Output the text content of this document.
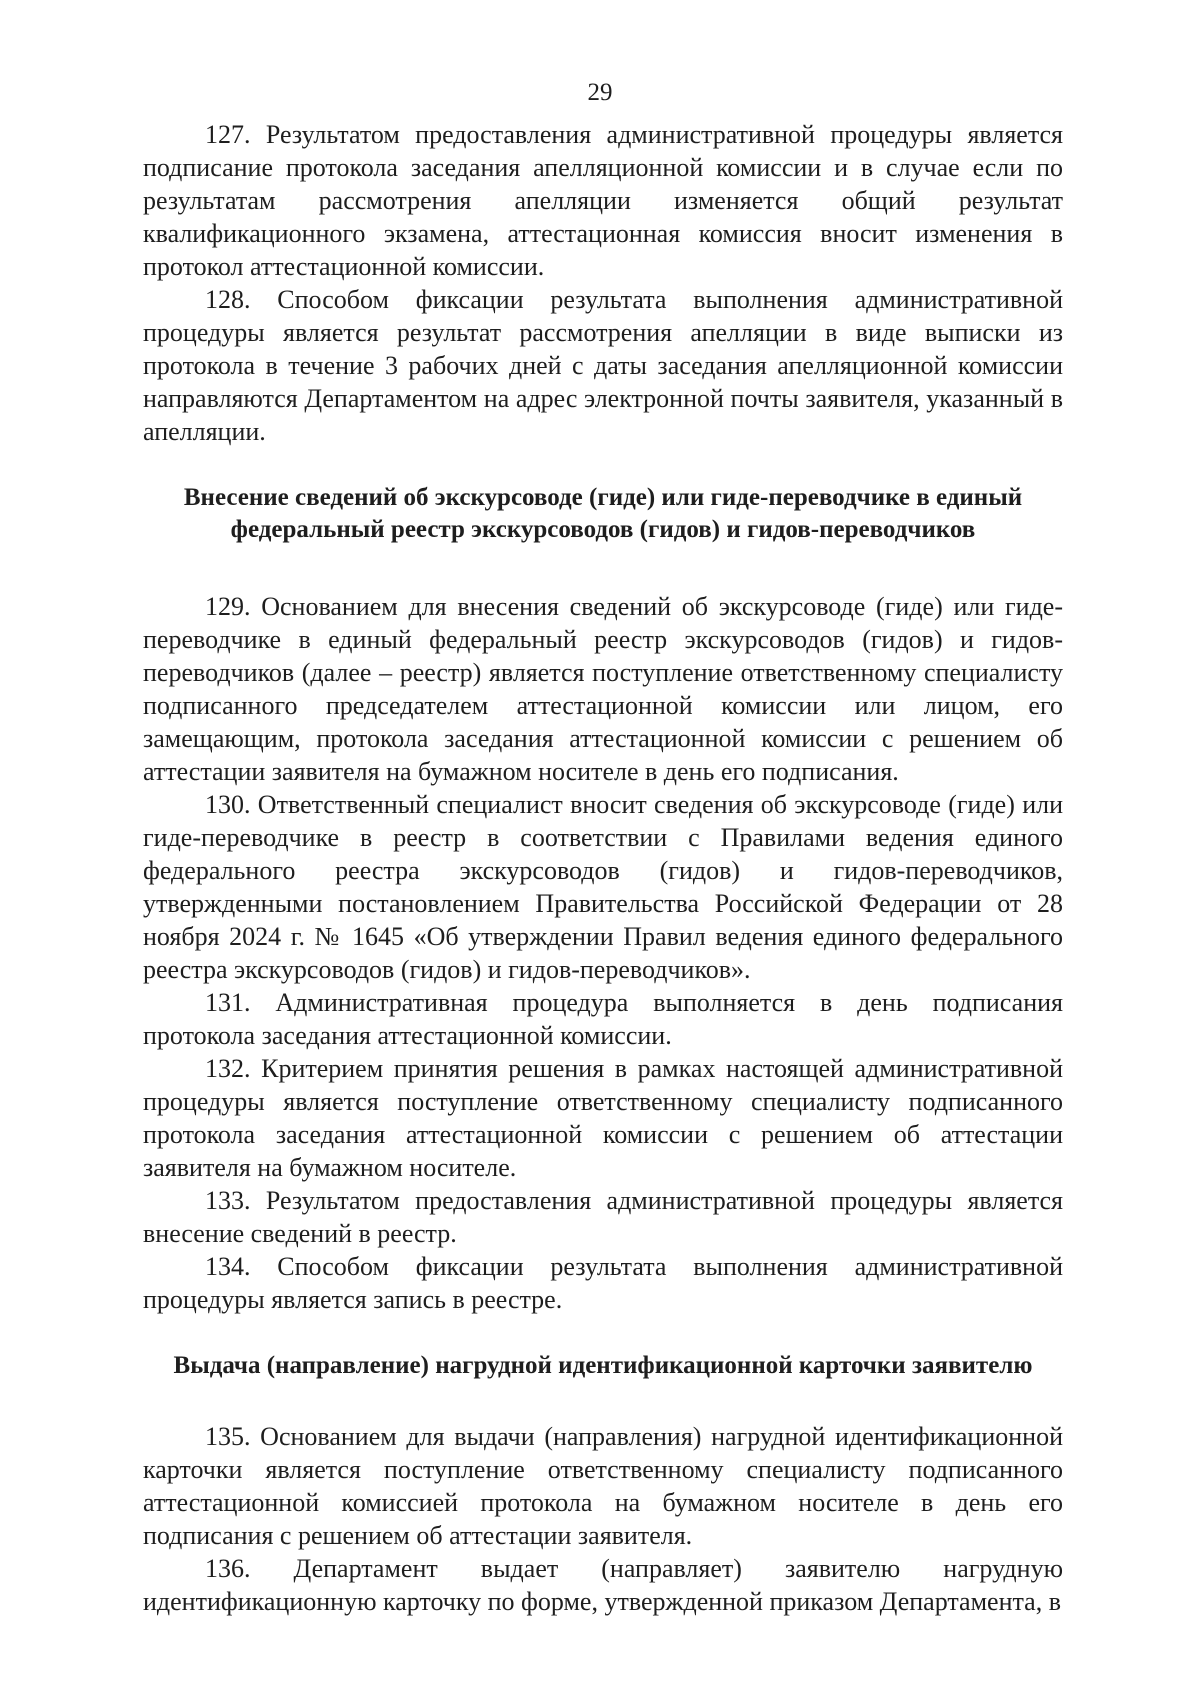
29

127. Результатом предоставления административной процедуры является подписание протокола заседания апелляционной комиссии и в случае если по результатам рассмотрения апелляции изменяется общий результат квалификационного экзамена, аттестационная комиссия вносит изменения в протокол аттестационной комиссии.

128. Способом фиксации результата выполнения административной процедуры является результат рассмотрения апелляции в виде выписки из протокола в течение 3 рабочих дней с даты заседания апелляционной комиссии направляются Департаментом на адрес электронной почты заявителя, указанный в апелляции.

Внесение сведений об экскурсоводе (гиде) или гиде-переводчике в единый федеральный реестр экскурсоводов (гидов) и гидов-переводчиков

129. Основанием для внесения сведений об экскурсоводе (гиде) или гиде-переводчике в единый федеральный реестр экскурсоводов (гидов) и гидов-переводчиков (далее – реестр) является поступление ответственному специалисту подписанного председателем аттестационной комиссии или лицом, его замещающим, протокола заседания аттестационной комиссии с решением об аттестации заявителя на бумажном носителе в день его подписания.

130. Ответственный специалист вносит сведения об экскурсоводе (гиде) или гиде-переводчике в реестр в соответствии с Правилами ведения единого федерального реестра экскурсоводов (гидов) и гидов-переводчиков, утвержденными постановлением Правительства Российской Федерации от 28 ноября 2024 г. № 1645 «Об утверждении Правил ведения единого федерального реестра экскурсоводов (гидов) и гидов-переводчиков».

131. Административная процедура выполняется в день подписания протокола заседания аттестационной комиссии.

132. Критерием принятия решения в рамках настоящей административной процедуры является поступление ответственному специалисту подписанного протокола заседания аттестационной комиссии с решением об аттестации заявителя на бумажном носителе.

133. Результатом предоставления административной процедуры является внесение сведений в реестр.

134. Способом фиксации результата выполнения административной процедуры является запись в реестре.

Выдача (направление) нагрудной идентификационной карточки заявителю

135. Основанием для выдачи (направления) нагрудной идентификационной карточки является поступление ответственному специалисту подписанного аттестационной комиссией протокола на бумажном носителе в день его подписания с решением об аттестации заявителя.

136. Департамент выдает (направляет) заявителю нагрудную идентификационную карточку по форме, утвержденной приказом Департамента, в
